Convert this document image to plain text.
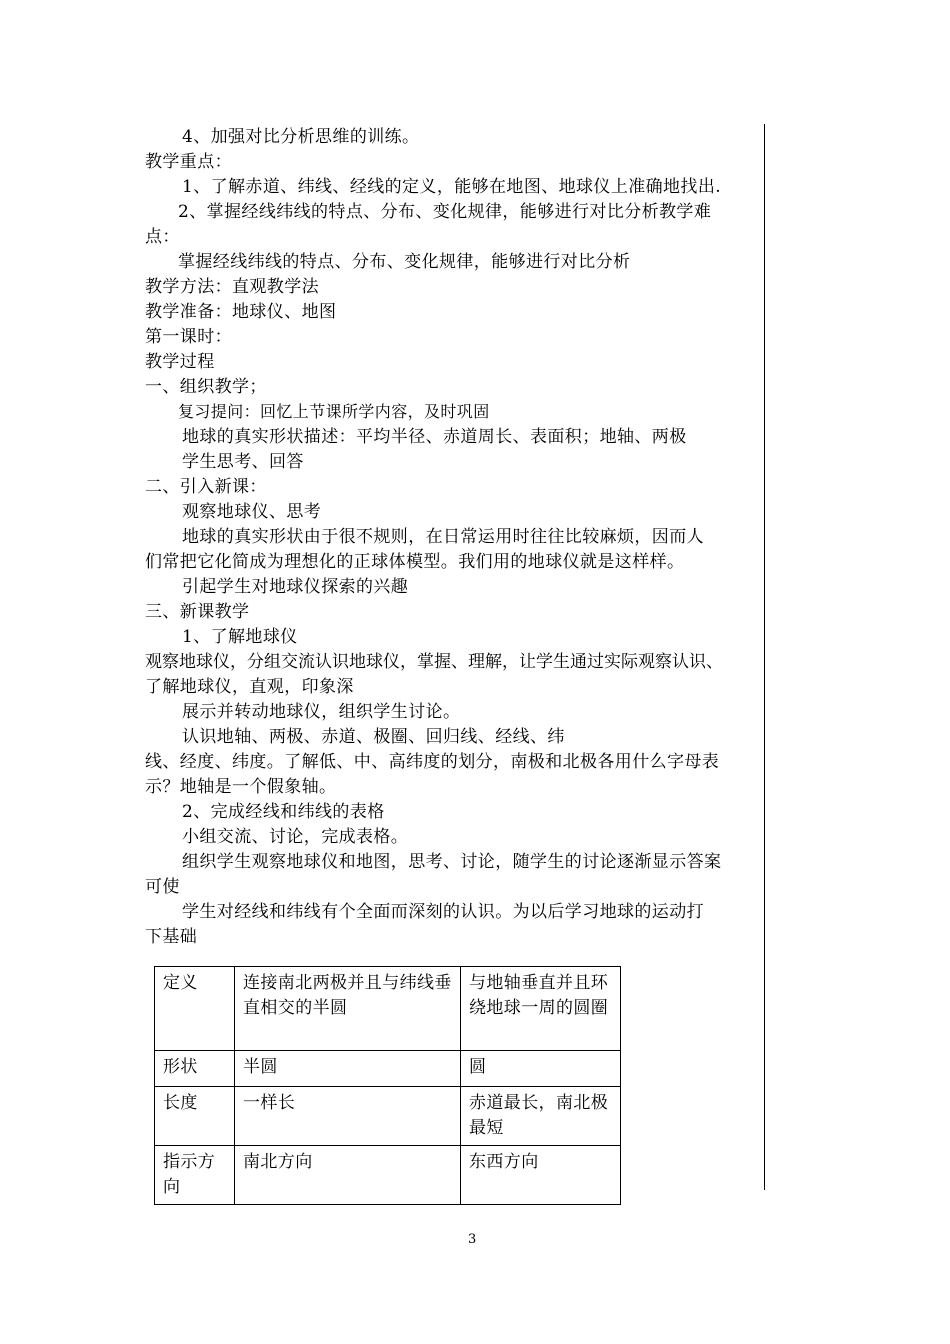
4、加强对比分析思维的训练。
教学重点：
1、了解赤道、纬线、经线的定义，能够在地图、地球仪上准确地找出.
2、掌握经线纬线的特点、分布、变化规律，能够进行对比分析教学难
点：
掌握经线纬线的特点、分布、变化规律，能够进行对比分析
教学方法：直观教学法
教学准备：地球仪、地图
第一课时：
教学过程
一、组织教学；
复习提问：回忆上节课所学内容，及时巩固
地球的真实形状描述：平均半径、赤道周长、表面积；地轴、两极
学生思考、回答
二、引入新课：
观察地球仪、思考
地球的真实形状由于很不规则，在日常运用时往往比较麻烦，因而人
们常把它化简成为理想化的正球体模型。我们用的地球仪就是这样样。
引起学生对地球仪探索的兴趣
三、新课教学
1、了解地球仪
观察地球仪，分组交流认识地球仪，掌握、理解，让学生通过实际观察认识、
了解地球仪，直观，印象深
展示并转动地球仪，组织学生讨论。
认识地轴、两极、赤道、极圈、回归线、经线、纬
线、经度、纬度。了解低、中、高纬度的划分，南极和北极各用什么字母表
示？地轴是一个假象轴。
2、完成经线和纬线的表格
小组交流、讨论，完成表格。
组织学生观察地球仪和地图，思考、讨论，随学生的讨论逐渐显示答案
可使
学生对经线和纬线有个全面而深刻的认识。为以后学习地球的运动打
下基础
定义	连接南北两极并且与纬线垂直相交的半圆	与地轴垂直并且环绕地球一周的圆圈
形状	半圆	圆
长度	一样长	赤道最长，南北极最短
指示方向	南北方向	东西方向
3
